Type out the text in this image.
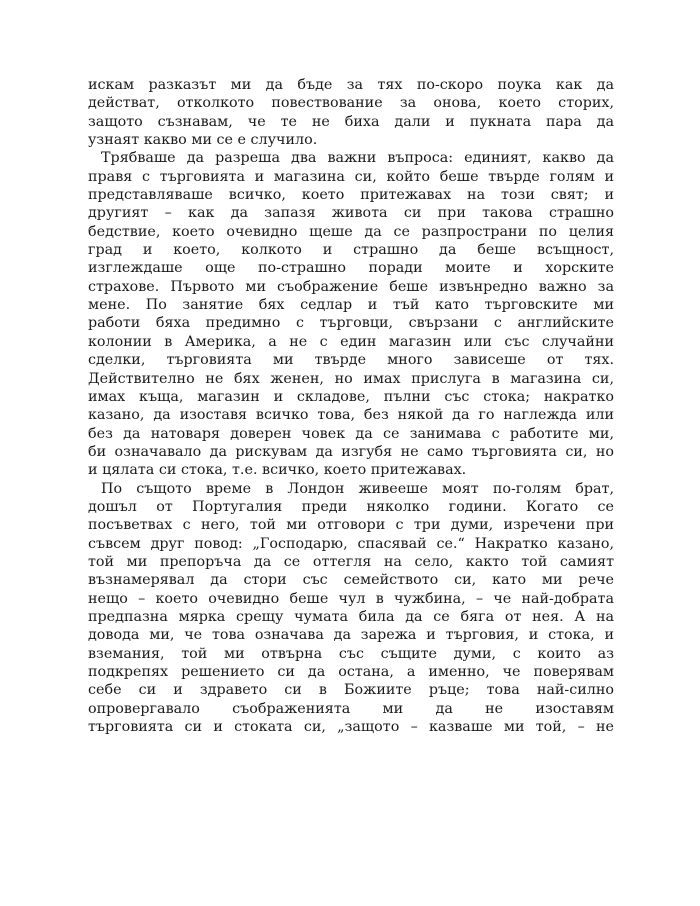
искам разказът ми да бъде за тях по-скоро поука как да
действат, отколкото повествование за онова, което сторих,
защото съзнавам, че те не биха дали и пукната пара да
узнаят какво ми се е случило.
Трябваше да разреша два важни въпроса: единият, какво да
правя с търговията и магазина си, който беше твърде голям и
представляваше всичко, което притежавах на този свят; и
другият – как да запазя живота си при такова страшно
бедствие, което очевидно щеше да се разпространи по целия
град и което, колкото и страшно да беше всъщност,
изглеждаше още по-страшно поради моите и хорските
страхове. Първото ми съображение беше извънредно важно за
мене. По занятие бях седлар и тъй като търговските ми
работи бяха предимно с търговци, свързани с английските
колонии в Америка, а не с един магазин или със случайни
сделки, търговията ми твърде много зависеше от тях.
Действително не бях женен, но имах прислуга в магазина си,
имах къща, магазин и складове, пълни със стока; накратко
казано, да изоставя всичко това, без някой да го наглежда или
без да натоваря доверен човек да се занимава с работите ми,
би означавало да рискувам да изгубя не само търговията си, но
и цялата си стока, т.е. всичко, което притежавах.
По същото време в Лондон живееше моят по-голям брат,
дошъл от Португалия преди няколко години. Когато се
посъветвах с него, той ми отговори с три думи, изречени при
съвсем друг повод: „Господарю, спасявай се.“ Накратко казано,
той ми препоръча да се оттегля на село, както той самият
възнамерявал да стори със семейството си, като ми рече
нещо – което очевидно беше чул в чужбина, – че най-добрата
предпазна мярка срещу чумата била да се бяга от нея. А на
довода ми, че това означава да зарежа и търговия, и стока, и
вземания, той ми отвърна със същите думи, с които аз
подкрепях решението си да остана, а именно, че поверявам
себе си и здравето си в Божиите ръце; това най-силно
опровергавало съображенията ми да не изоставям
търговията си и стоката си, „защото – казваше ми той, – не
